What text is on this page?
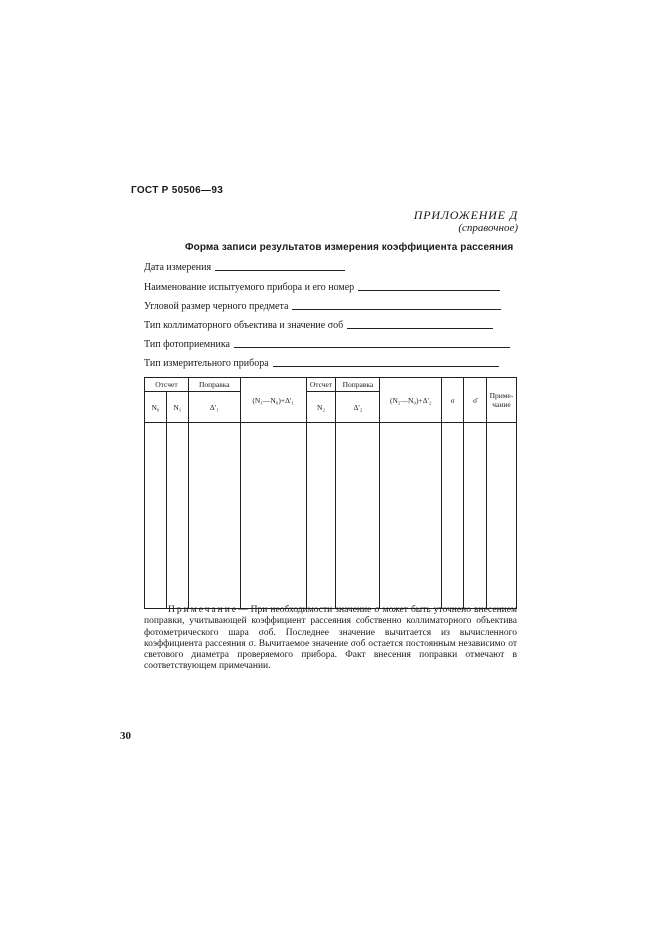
ГОСТ Р 50506—93
ПРИЛОЖЕНИЕ Д
(справочное)
Форма записи результатов измерения коэффициента рассеяния
Дата измерения
Наименование испытуемого прибора и его номер
Угловой размер черного предмета
Тип коллиматорного объектива и значение σоб
Тип фотоприемника
Тип измерительного прибора
Отсчет		Поправка	(N₁—N₀)+Δ'₁	Отсчет	Поправка	(N₂—N₀)+Δ'₂	σ	σ̄	Приме-чание
N₀	N₁	Δ'₁		N₂	Δ'₂				

Примечание— При необходимости значение σ может быть уточнено внесением поправки, учитывающей коэффициент рассеяния собственно коллиматорного объектива фотометрического шара σоб. Последнее значение вычитается из вычисленного коэффициента рассеяния σ. Вычитаемое значение σоб остается постоянным независимо от светового диаметра проверяемого прибора. Факт внесения поправки отмечают в соответствующем примечании.
30
